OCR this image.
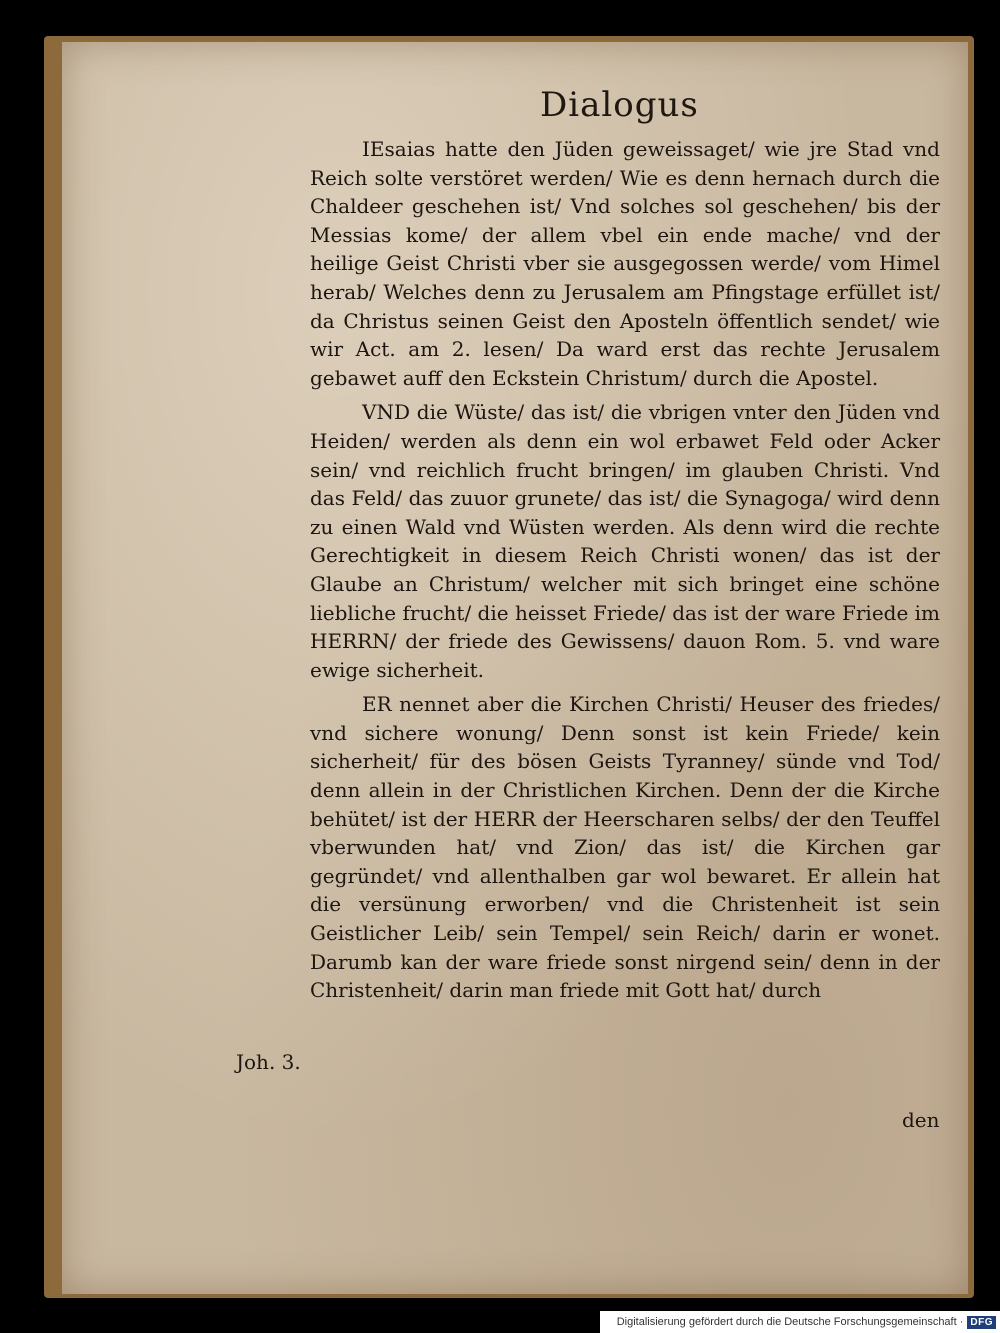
Dialogus

IEsaias hatte den Jüden geweissaget/ wie jre Stad vnd Reich solte verstöret werden/ Wie es denn hernach durch die Chaldeer geschehen ist/ Vnd solches sol geschehen/ bis der Messias kome/ der allem vbel ein ende mache/ vnd der heilige Geist Christi vber sie ausgegossen werde/ vom Himel herab/ Welches denn zu Jerusalem am Pfingstage erfüllet ist/ da Christus seinen Geist den Aposteln öffentlich sendet/ wie wir Act. am 2. lesen/ Da ward erst das rechte Jerusalem gebawet auff den Eckstein Christum/ durch die Apostel.

VND die Wüste/ das ist/ die vbrigen vnter den Jüden vnd Heiden/ werden als denn ein wol erbawet Feld oder Acker sein/ vnd reichlich frucht bringen/ im glauben Christi. Vnd das Feld/ das zuuor grunete/ das ist/ die Synagoga/ wird denn zu einen Wald vnd Wüsten werden. Als denn wird die rechte Gerechtigkeit in diesem Reich Christi wonen/ das ist der Glaube an Christum/ welcher mit sich bringet eine schöne liebliche frucht/ die heisset Friede/ das ist der ware Friede im HERRN/ der friede des Gewissens/ dauon Rom. 5. vnd ware ewige sicherheit.

ER nennet aber die Kirchen Christi/ Heuser des friedes/ vnd sichere wonung/ Denn sonst ist kein Friede/ kein sicherheit/ für des bösen Geists Tyranney/ sünde vnd Tod/ denn allein in der Christlichen Kirchen. Denn der die Kirche behütet/ ist der HERR der Heerscharen selbs/ der den Teuffel vberwunden hat/ vnd Zion/ das ist/ die Kirchen gar gegründet/ vnd allenthalben gar wol bewaret. Er allein hat die versünung erworben/ vnd die Christenheit ist sein Geistlicher Leib/ sein Tempel/ sein Reich/ darin er wonet. Darumb kan der ware friede sonst nirgend sein/ denn in der Christenheit/ darin man friede mit Gott hat/ durch

Joh. 3.
den
Digitalisierung gefördert durch die Deutsche Forschungsgemeinschaft · DFG
